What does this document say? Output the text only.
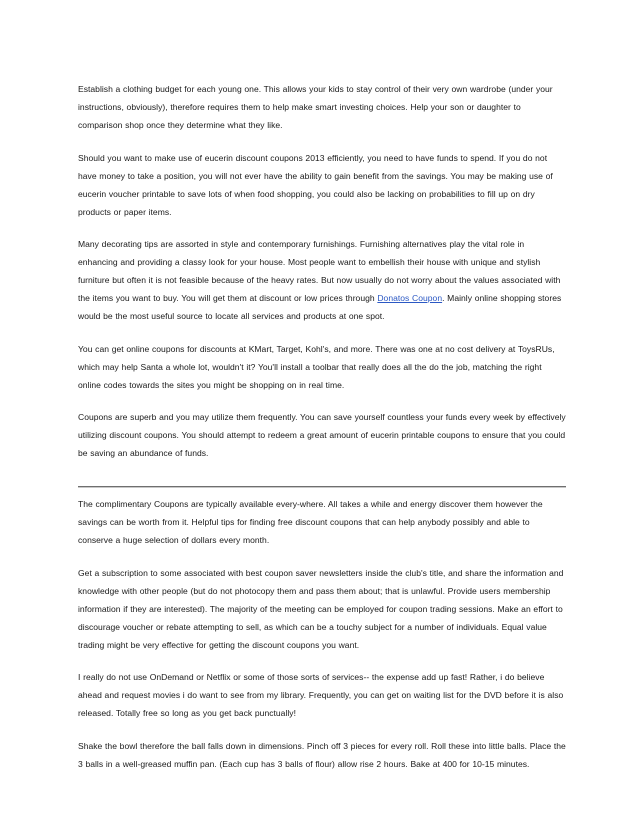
Establish a clothing budget for each young one. This allows your kids to stay control of their very own wardrobe (under your instructions, obviously), therefore requires them to help make smart investing choices. Help your son or daughter to comparison shop once they determine what they like.

Should you want to make use of eucerin discount coupons 2013 efficiently, you need to have funds to spend. If you do not have money to take a position, you will not ever have the ability to gain benefit from the savings. You may be making use of eucerin voucher printable to save lots of when food shopping, you could also be lacking on probabilities to fill up on dry products or paper items.

Many decorating tips are assorted in style and contemporary furnishings. Furnishing alternatives play the vital role in enhancing and providing a classy look for your house. Most people want to embellish their house with unique and stylish furniture but often it is not feasible because of the heavy rates. But now usually do not worry about the values associated with the items you want to buy. You will get them at discount or low prices through Donatos Coupon. Mainly online shopping stores would be the most useful source to locate all services and products at one spot.

You can get online coupons for discounts at KMart, Target, Kohl's, and more. There was one at no cost delivery at ToysRUs, which may help Santa a whole lot, wouldn't it? You'll install a toolbar that really does all the do the job, matching the right online codes towards the sites you might be shopping on in real time.

Coupons are superb and you may utilize them frequently. You can save yourself countless your funds every week by effectively utilizing discount coupons. You should attempt to redeem a great amount of eucerin printable coupons to ensure that you could be saving an abundance of funds.

The complimentary Coupons are typically available every-where. All takes a while and energy discover them however the savings can be worth from it. Helpful tips for finding free discount coupons that can help anybody possibly and able to conserve a huge selection of dollars every month.

Get a subscription to some associated with best coupon saver newsletters inside the club's title, and share the information and knowledge with other people (but do not photocopy them and pass them about; that is unlawful. Provide users membership information if they are interested). The majority of the meeting can be employed for coupon trading sessions. Make an effort to discourage voucher or rebate attempting to sell, as which can be a touchy subject for a number of individuals. Equal value trading might be very effective for getting the discount coupons you want.

I really do not use OnDemand or Netflix or some of those sorts of services-- the expense add up fast! Rather, i do believe ahead and request movies i do want to see from my library. Frequently, you can get on waiting list for the DVD before it is also released. Totally free so long as you get back punctually!

Shake the bowl therefore the ball falls down in dimensions. Pinch off 3 pieces for every roll. Roll these into little balls. Place the 3 balls in a well-greased muffin pan. (Each cup has 3 balls of flour) allow rise 2 hours. Bake at 400 for 10-15 minutes.
